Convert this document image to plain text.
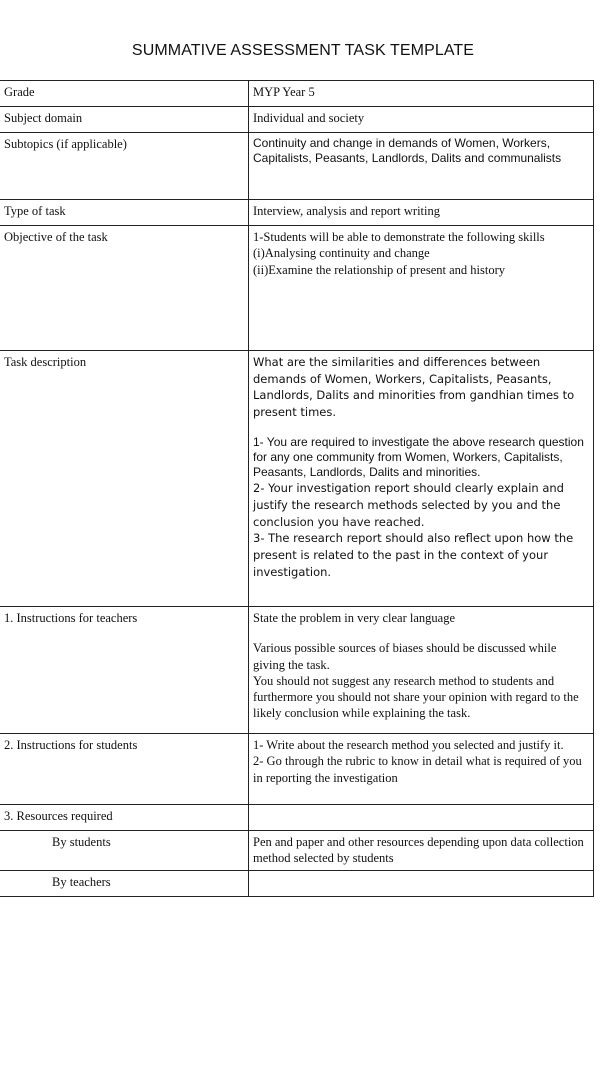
SUMMATIVE ASSESSMENT TASK TEMPLATE
Grade	MYP Year 5
Subject domain	Individual and society
Subtopics (if applicable)	Continuity and change in demands of Women, Workers, Capitalists, Peasants, Landlords, Dalits and communalists
Type of task	Interview, analysis and report writing
Objective of the task	1-Students will be able to demonstrate the following skills

(i)Analysing continuity and change

(ii)Examine the relationship of present and history

Task description	What are the similarities and differences between demands of Women, Workers, Capitalists, Peasants, Landlords, Dalits and minorities from gandhian times to present times.

1- You are required to investigate the above research question for any one community from Women, Workers, Capitalists, Peasants, Landlords, Dalits and minorities.

2- Your investigation report should clearly explain and justify the research methods selected by you and the conclusion you have reached.

3- The research report should also reflect upon how the present is related to the past in the context of your investigation.

1. Instructions for teachers	State the problem in very clear language

Various possible sources of biases should be discussed while giving the task.

You should not suggest any research method to students and furthermore you should not share your opinion with regard to the likely conclusion while explaining the task.

2. Instructions for students	1- Write about the research method you selected and justify it.

2- Go through the rubric to know in detail what is required of you in reporting the investigation

3. Resources required	
By students	Pen and paper and other resources depending upon data collection method selected by students
By teachers	
